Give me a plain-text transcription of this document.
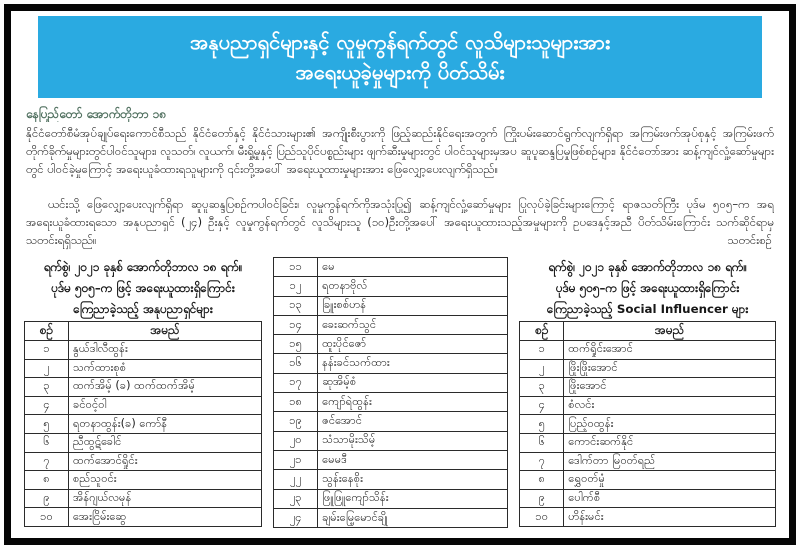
အနုပညာရှင်များနှင့် လူမှုကွန်ရက်တွင် လူသိများသူများအား
အရေးယူခဲ့မှုများကို ပိတ်သိမ်း
နေပြည်တော် အောက်တိုဘာ ၁၈

နိုင်ငံတော်စီမံအုပ်ချုပ်ရေးကောင်စီသည် နိုင်ငံတော်နှင့် နိုင်ငံသားများ၏ အကျိုးစီးပွားကို ဖြည့်ဆည်းနိုင်ရေးအတွက် ကြိုးပမ်းဆောင်ရွက်လျက်ရှိရာ အကြမ်းဖက်အုပ်စုနှင့် အကြမ်းဖက်တိုက်ခိုက်မှုများတွင်ပါဝင်သူများ၊ လူသတ်၊ လူယက်၊ မီးရှို့မှုနှင့် ပြည်သူပိုင်ပစ္စည်းများ ဖျက်ဆီးမှုများတွင် ပါဝင်သူများမှအပ ဆူပူဆန္ဒပြမှုဖြစ်စဉ်များ၊ နိုင်ငံတော်အား ဆန့်ကျင်လှုံ့ဆော်မှုများတွင် ပါဝင်ခဲ့မှုကြောင့် အရေးယူခံထားရသူများကို ၎င်းတို့အပေါ် အရေးယူထားမှုများအား ဖြေလျှော့ပေးလျက်ရှိသည်။

ယင်းသို့ ဖြေလျှော့ပေးလျက်ရှိရာ ဆူပူဆန္ဒပြစဉ်ကပါဝင်ခြင်း၊ လူမှုကွန်ရက်ကိုအသုံးပြု၍ ဆန့်ကျင်လှုံ့ဆော်မှုများ ပြုလုပ်ခဲ့ခြင်းများကြောင့် ရာဇသတ်ကြီး ပုဒ်မ ၅၀၅–က အရ အရေးယူခံထားရသော အနုပညာရှင် (၂၄) ဦးနှင့် လူမှုကွန်ရက်တွင် လူသိများသူ (၁၀)ဦးတို့အပေါ် အရေးယူထားသည့်အမှုများကို ဥပဒေနှင့်အညီ ပိတ်သိမ်းကြောင်း သက်ဆိုင်ရာမှ သတင်းရရှိသည်။	သတင်းစဉ်
ရက်စွဲ၊ ၂၀၂၁ ခုနှစ် အောက်တိုဘာလ ၁၈ ရက်။
ပုဒ်မ ၅၀၅–က ဖြင့် အရေးယူထားရှိကြောင်း
ကြေညာခဲ့သည့် အနုပညာရှင်များ
စဉ်	အမည်
၁	နွယ်ဒါလီထွန်း
၂	သက်ထားစုစံ
၃	ထက်အိမ့် (ခ) ထက်ထက်အိမ့်
၄	ခင်ဝင့်ဝါ
၅	ရတနာထွန်း(ခ) ကော်နီ
၆	ညီထွဋ်ခေါင်
၇	ထက်အောင်ရှိုင်း
၈	စည်သူဝင်း
၉	အိန်ဂျယ်လမုန်
၁၀	အေးငြိမ်းဆွေ
၁၁	မေ
၁၂	ရတနာဗိုလ်
၁၃	ခြူးစစ်ဟန်
၁၄	ခေးဆက်သွင်
၁၅	ထူးပိုင်ဇော်
၁၆	နန်းခင်သက်ထား
၁၇	ဆုအိမ့်စံ
၁၈	ကျော်ရဲထွန်း
၁၉	ဇင်အောင်
၂၀	သံသာမိုးသိမ့်
၂၁	မေမဒီ
၂၂	သွန်းနေစိုး
၂၃	ဖြူဖြူကျော်သိန်း
၂၄	ချမ်းမြေ့မောင်ချို
ရက်စွဲ၊ ၂၀၂၁ ခုနှစ် အောက်တိုဘာလ ၁၈ ရက်။
ပုဒ်မ ၅၀၅–က ဖြင့် အရေးယူထားရှိကြောင်း
ကြေညာခဲ့သည့် Social Influencer များ
စဉ်	အမည်
၁	ထက်ရှိုင်းအောင်
၂	ဖြိုးဖြိုးအောင်
၃	ဖြိုးအောင်
၄	စံလင်း
၅	ပြည့်ဝထွန်း
၆	ကောင်းဆက်နိုင်
၇	ဒေါက်တာ မြဝတ်ရည်
၈	ရွှေဝတ်မှုံ
၉	ပေါက်စီ
၁၀	ဟိန်းမင်း
